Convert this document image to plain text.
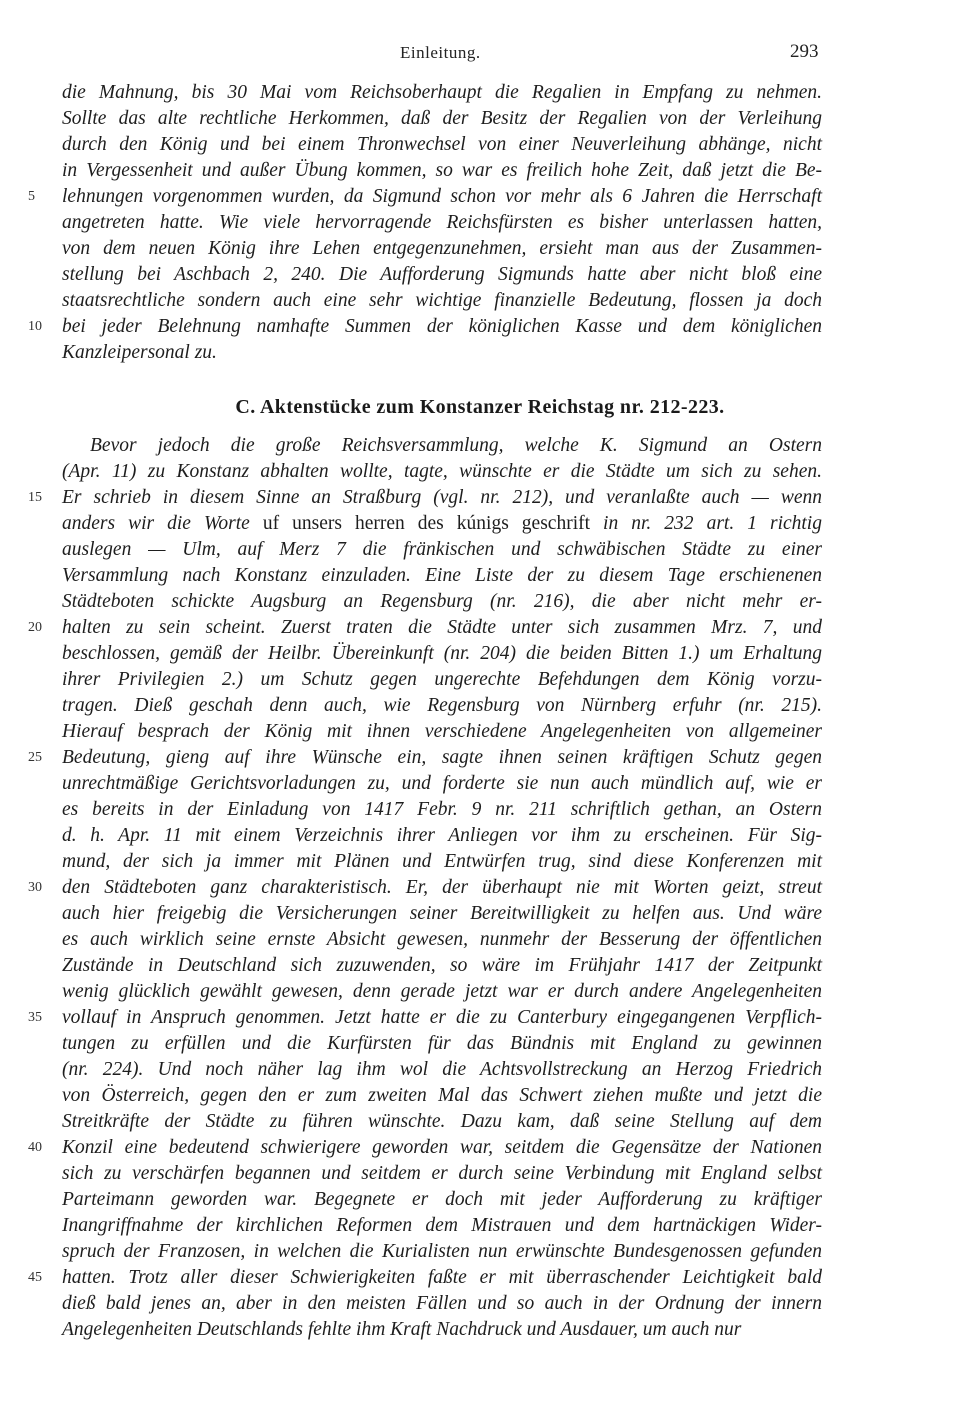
Einleitung.	293
die Mahnung, bis 30 Mai vom Reichsoberhaupt die Regalien in Empfang zu nehmen.
Sollte das alte rechtliche Herkommen, daß der Besitz der Regalien von der Verleihung
durch den König und bei einem Thronwechsel von einer Neuverleihung abhänge, nicht
in Vergessenheit und außer Übung kommen, so war es freilich hohe Zeit, daß jetzt die Be-
lehnungen vorgenommen wurden, da Sigmund schon vor mehr als 6 Jahren die Herrschaft
angetreten hatte. Wie viele hervorragende Reichsfürsten es bisher unterlassen hatten,
von dem neuen König ihre Lehen entgegenzunehmen, ersieht man aus der Zusammen-
stellung bei Aschbach 2, 240. Die Aufforderung Sigmunds hatte aber nicht bloß eine
staatsrechtliche sondern auch eine sehr wichtige finanzielle Bedeutung, flossen ja doch
bei jeder Belehnung namhafte Summen der königlichen Kasse und dem königlichen
Kanzleipersonal zu.
C. Aktenstücke zum Konstanzer Reichstag nr. 212-223.
Bevor jedoch die große Reichsversammlung, welche K. Sigmund an Ostern
(Apr. 11) zu Konstanz abhalten wollte, tagte, wünschte er die Städte um sich zu sehen.
Er schrieb in diesem Sinne an Straßburg (vgl. nr. 212), und veranlaßte auch — wenn
anders wir die Worte uf unsers herren des kúnigs geschrift in nr. 232 art. 1 richtig
auslegen — Ulm, auf Merz 7 die fränkischen und schwäbischen Städte zu einer
Versammlung nach Konstanz einzuladen. Eine Liste der zu diesem Tage erschienenen
Städteboten schickte Augsburg an Regensburg (nr. 216), die aber nicht mehr er-
halten zu sein scheint. Zuerst traten die Städte unter sich zusammen Mrz. 7, und
beschlossen, gemäß der Heilbr. Übereinkunft (nr. 204) die beiden Bitten 1.) um Erhaltung
ihrer Privilegien 2.) um Schutz gegen ungerechte Befehdungen dem König vorzu-
tragen. Dieß geschah denn auch, wie Regensburg von Nürnberg erfuhr (nr. 215).
Hierauf besprach der König mit ihnen verschiedene Angelegenheiten von allgemeiner
Bedeutung, gieng auf ihre Wünsche ein, sagte ihnen seinen kräftigen Schutz gegen
unrechtmäßige Gerichtsvorladungen zu, und forderte sie nun auch mündlich auf, wie er
es bereits in der Einladung von 1417 Febr. 9 nr. 211 schriftlich gethan, an Ostern
d. h. Apr. 11 mit einem Verzeichnis ihrer Anliegen vor ihm zu erscheinen. Für Sig-
mund, der sich ja immer mit Plänen und Entwürfen trug, sind diese Konferenzen mit
den Städteboten ganz charakteristisch. Er, der überhaupt nie mit Worten geizt, streut
auch hier freigebig die Versicherungen seiner Bereitwilligkeit zu helfen aus. Und wäre
es auch wirklich seine ernste Absicht gewesen, nunmehr der Besserung der öffentlichen
Zustände in Deutschland sich zuzuwenden, so wäre im Frühjahr 1417 der Zeitpunkt
wenig glücklich gewählt gewesen, denn gerade jetzt war er durch andere Angelegenheiten
vollauf in Anspruch genommen. Jetzt hatte er die zu Canterbury eingegangenen Verpflich-
tungen zu erfüllen und die Kurfürsten für das Bündnis mit England zu gewinnen
(nr. 224). Und noch näher lag ihm wol die Achtsvollstreckung an Herzog Friedrich
von Österreich, gegen den er zum zweiten Mal das Schwert ziehen mußte und jetzt die
Streitkräfte der Städte zu führen wünschte. Dazu kam, daß seine Stellung auf dem
Konzil eine bedeutend schwierigere geworden war, seitdem die Gegensätze der Nationen
sich zu verschärfen begannen und seitdem er durch seine Verbindung mit England selbst
Parteimann geworden war. Begegnete er doch mit jeder Aufforderung zu kräftiger
Inangriffnahme der kirchlichen Reformen dem Mistrauen und dem hartnäckigen Wider-
spruch der Franzosen, in welchen die Kurialisten nun erwünschte Bundesgenossen gefunden
hatten. Trotz aller dieser Schwierigkeiten faßte er mit überraschender Leichtigkeit bald
dieß bald jenes an, aber in den meisten Fällen und so auch in der Ordnung der innern
Angelegenheiten Deutschlands fehlte ihm Kraft Nachdruck und Ausdauer, um auch nur
5
10
15
20
25
30
35
40
45
